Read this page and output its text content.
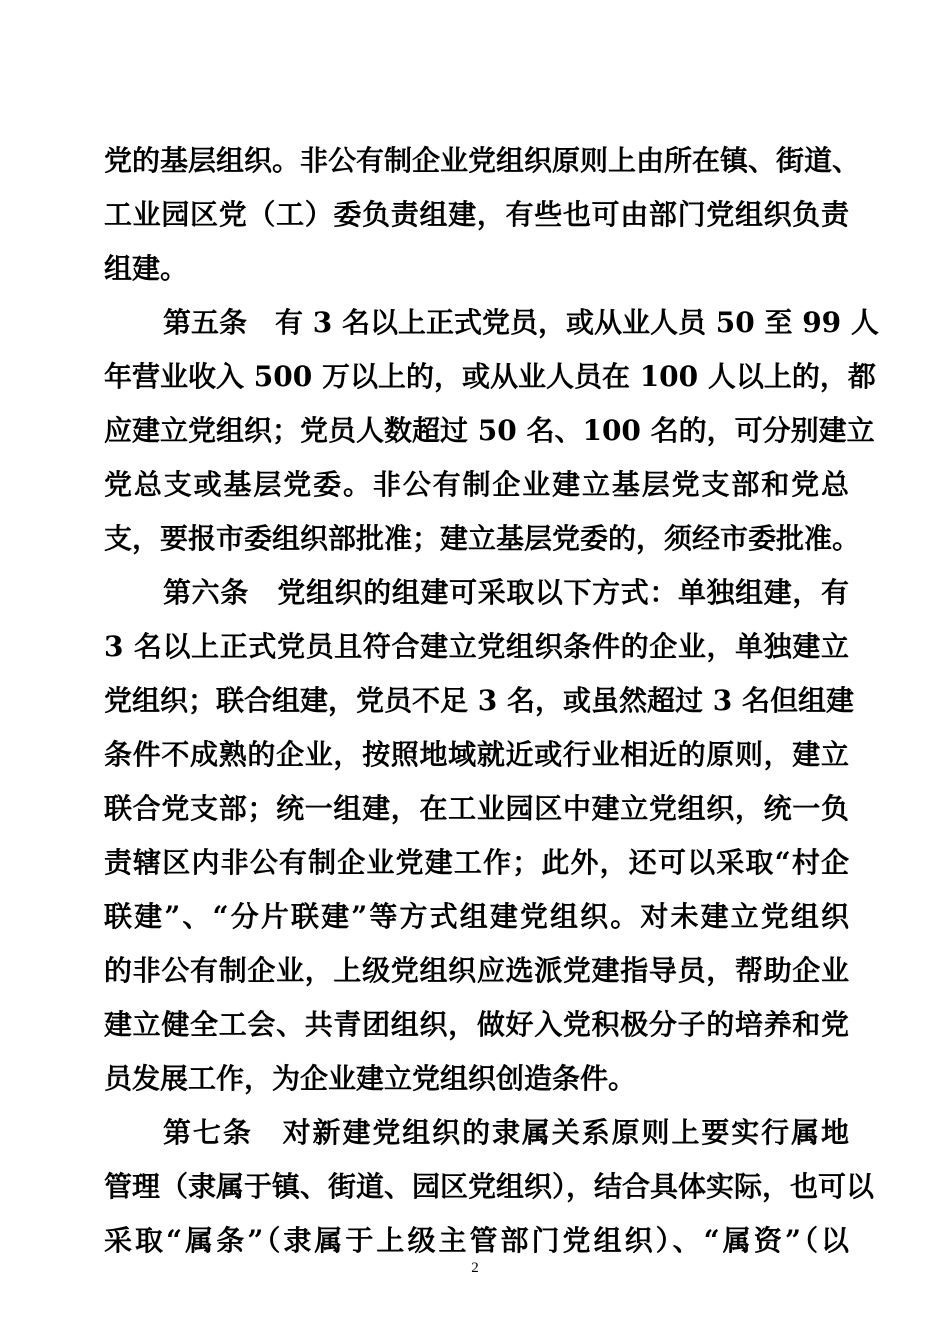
党的基层组织。非公有制企业党组织原则上由所在镇、街道、
工业园区党（工）委负责组建，有些也可由部门党组织负责
组建。
第五条　有 3 名以上正式党员，或从业人员 50 至 99 人
年营业收入 500 万以上的，或从业人员在 100 人以上的，都
应建立党组织；党员人数超过 50 名、100 名的，可分别建立
党总支或基层党委。非公有制企业建立基层党支部和党总
支，要报市委组织部批准；建立基层党委的，须经市委批准。
第六条　党组织的组建可采取以下方式：单独组建，有
3 名以上正式党员且符合建立党组织条件的企业，单独建立
党组织；联合组建，党员不足 3 名，或虽然超过 3 名但组建
条件不成熟的企业，按照地域就近或行业相近的原则，建立
联合党支部；统一组建，在工业园区中建立党组织，统一负
责辖区内非公有制企业党建工作；此外，还可以采取“村企
联建”、“分片联建”等方式组建党组织。对未建立党组织
的非公有制企业，上级党组织应选派党建指导员，帮助企业
建立健全工会、共青团组织，做好入党积极分子的培养和党
员发展工作，为企业建立党组织创造条件。
第七条　对新建党组织的隶属关系原则上要实行属地
管理（隶属于镇、街道、园区党组织），结合具体实际，也可以
采取“属条”（隶属于上级主管部门党组织）、“属资”（以
2
